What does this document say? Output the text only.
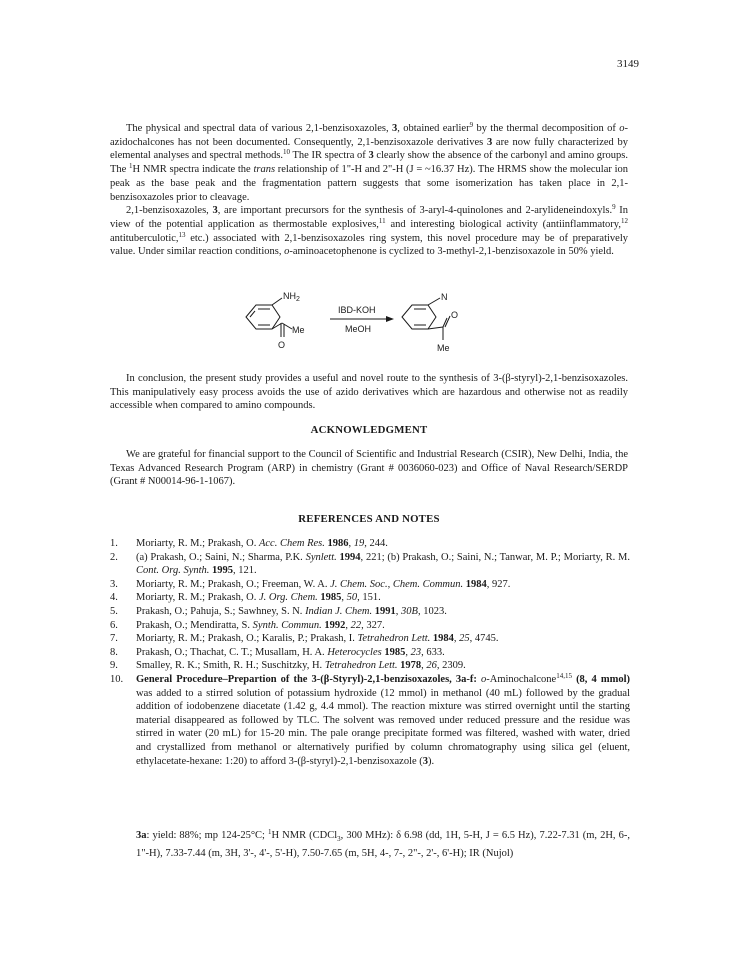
3149

The physical and spectral data of various 2,1-benzisoxazoles, 3, obtained earlier$^9$ by the thermal decomposition of o-azidochalcones has not been documented. Consequently, 2,1-benzisoxazole derivatives 3 are now fully characterized by elemental analyses and spectral methods.$^{10}$ The IR spectra of 3 clearly show the absence of the carbonyl and amino groups. The $^1$H NMR spectra indicate the trans relationship of 1"-H and 2"-H (J = ~16.37 Hz). The HRMS show the molecular ion peak as the base peak and the fragmentation pattern suggests that some isomerization has taken place in 2,1-benzisoxazoles prior to cleavage.

2,1-benzisoxazoles, 3, are important precursors for the synthesis of 3-aryl-4-quinolones and 2-arylideneindoxyls.$^9$ In view of the potential application as thermostable explosives,$^{11}$ and interesting biological activity (antiinflammatory,$^{12}$ antituberculotic,$^{13}$ etc.) associated with 2,1-benzisoxazoles ring system, this novel procedure may be of preparatively value. Under similar reaction conditions, o-aminoacetophenone is cyclized to 3-methyl-2,1-benzisoxazole in 50% yield.

$NH_2$
Me
O
IBD-KOH
MeOH
N
O
Me

In conclusion, the present study provides a useful and novel route to the synthesis of 3-(β-styryl)-2,1-benzisoxazoles. This manipulatively easy process avoids the use of azido derivatives which are hazardous and otherwise not as readily accessible when compared to amino compounds.

ACKNOWLEDGMENT

We are grateful for financial support to the Council of Scientific and Industrial Research (CSIR), New Delhi, India, the Texas Advanced Research Program (ARP) in chemistry (Grant # 0036060-023) and Office of Naval Research/SERDP (Grant # N00014-96-1-1067).

REFERENCES AND NOTES
1.	Moriarty, R. M.; Prakash, O. Acc. Chem Res. 1986, 19, 244.
2.	(a) Prakash, O.; Saini, N.; Sharma, P.K. Synlett. 1994, 221; (b) Prakash, O.; Saini, N.; Tanwar, M. P.; Moriarty, R. M. Cont. Org. Synth. 1995, 121.
3.	Moriarty, R. M.; Prakash, O.; Freeman, W. A. J. Chem. Soc., Chem. Commun. 1984, 927.
4.	Moriarty, R. M.; Prakash, O. J. Org. Chem. 1985, 50, 151.
5.	Prakash, O.; Pahuja, S.; Sawhney, S. N. Indian J. Chem. 1991, 30B, 1023.
6.	Prakash, O.; Mendiratta, S. Synth. Commun. 1992, 22, 327.
7.	Moriarty, R. M.; Prakash, O.; Karalis, P.; Prakash, I. Tetrahedron Lett. 1984, 25, 4745.
8.	Prakash, O.; Thachat, C. T.; Musallam, H. A. Heterocycles 1985, 23, 633.
9.	Smalley, R. K.; Smith, R. H.; Suschitzky, H. Tetrahedron Lett. 1978, 26, 2309.
10.	General Procedure–Prepartion of the 3-(β-Styryl)-2,1-benzisoxazoles, 3a-f: o-Aminochalcone$^{14,15}$ (8, 4 mmol) was added to a stirred solution of potassium hydroxide (12 mmol) in methanol (40 mL) followed by the gradual addition of iodobenzene diacetate (1.42 g, 4.4 mmol). The reaction mixture was stirred overnight until the starting material disappeared as followed by TLC. The solvent was removed under reduced pressure and the residue was stirred in water (20 mL) for 15-20 min. The pale orange precipitate formed was filtered, washed with water, dried and crystallized from methanol or alternatively purified by column chromatography using silica gel (eluent, ethylacetate-hexane: 1:20) to afford 3-(β-styryl)-2,1-benzisoxazole (3).
3a: yield: 88%; mp 124-25°C; $^1$H NMR (CDCl$_3$, 300 MHz): δ 6.98 (dd, 1H, 5-H, J = 6.5 Hz), 7.22-7.31 (m, 2H, 6-, 1"-H), 7.33-7.44 (m, 3H, 3'-, 4'-, 5'-H), 7.50-7.65 (m, 5H, 4-, 7-, 2"-, 2'-, 6'-H); IR (Nujol)
